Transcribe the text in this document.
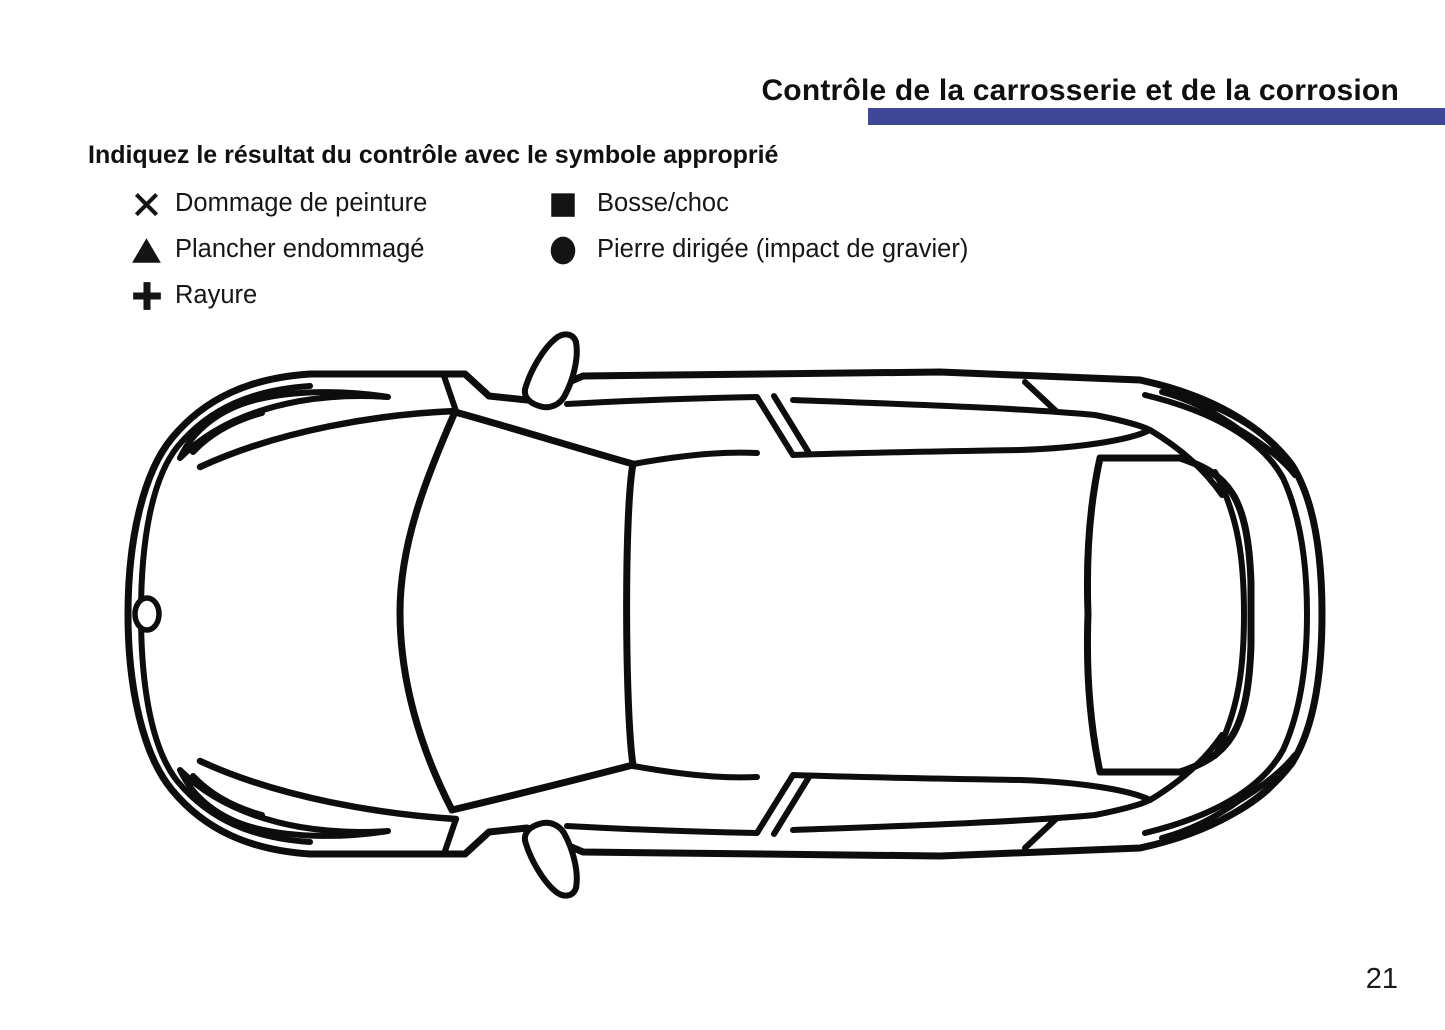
Contrôle de la carrosserie et de la corrosion
Indiquez le résultat du contrôle avec le symbole approprié
Dommage de peinture	Bosse/choc
Plancher endommagé	Pierre dirigée (impact de gravier)
Rayure
21
